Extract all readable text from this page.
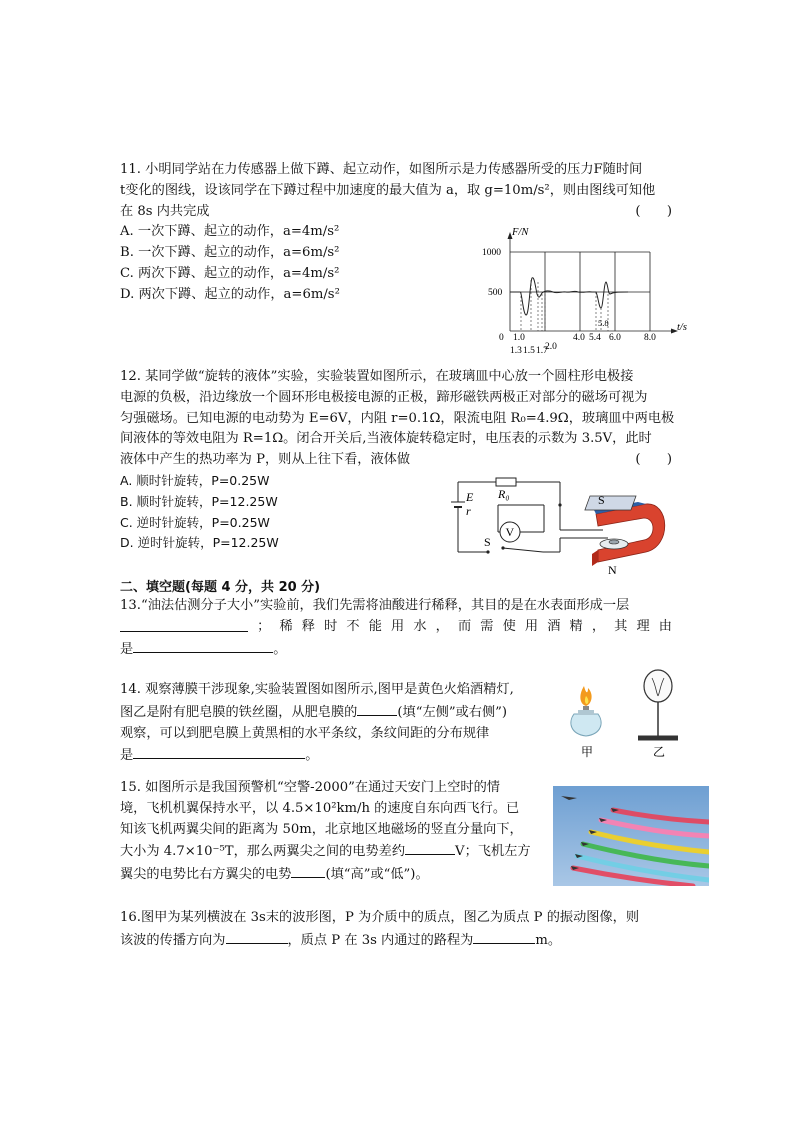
11. 小明同学站在力传感器上做下蹲、起立动作，如图所示是力传感器所受的压力F随时间
t变化的图线，设该同学在下蹲过程中加速度的最大值为 a，取 g=10m/s²，则由图线可知他
在 8s 内共完成	(　　)
A. 一次下蹲、起立的动作，a=4m/s²
B. 一次下蹲、起立的动作，a=6m/s²
C. 两次下蹲、起立的动作，a=4m/s²
D. 两次下蹲、起立的动作，a=6m/s²
F/N
t/s
1000
500
0 1.0	4.0 5.4 6.0 8.0
1.3 1.5 1.7
2.0
5.8
12. 某同学做“旋转的液体”实验，实验装置如图所示，在玻璃皿中心放一个圆柱形电极接
电源的负极，沿边缘放一个圆环形电极接电源的正极，蹄形磁铁两极正对部分的磁场可视为
匀强磁场。已知电源的电动势为 E=6V，内阻 r=0.1Ω，限流电阻 R₀=4.9Ω，玻璃皿中两电极
间液体的等效电阻为 R=1Ω。闭合开关后,当液体旋转稳定时，电压表的示数为 3.5V，此时
液体中产生的热功率为 P，则从上往下看，液体做	(　　)
A. 顺时针旋转，P=0.25W
B. 顺时针旋转，P=12.25W
C. 逆时针旋转，P=0.25W
D. 逆时针旋转，P=12.25W
V
E
r
R₀
S
S
N
二、填空题(每题 4 分，共 20 分)
13.“油法估测分子大小”实验前，我们先需将油酸进行稀释，其目的是在水表面形成一层
； 稀 释 时 不 能 用 水 ， 而 需 使 用 酒 精 ， 其 理 由
是	。
14. 观察薄膜干涉现象,实验装置图如图所示,图甲是黄色火焰酒精灯,
图乙是附有肥皂膜的铁丝圈，从肥皂膜的	(填“左侧”或右侧”)
观察，可以到肥皂膜上黄黑相的水平条纹，条纹间距的分布规律
是	。	甲	乙
15. 如图所示是我国预警机“空警-2000”在通过天安门上空时的情
境，飞机机翼保持水平，以 4.5×10²km/h 的速度自东向西飞行。已
知该飞机两翼尖间的距离为 50m，北京地区地磁场的竖直分量向下，
大小为 4.7×10⁻⁵T，那么两翼尖之间的电势差约	V；飞机左方
翼尖的电势比右方翼尖的电势	(填“高”或“低”)。
16.图甲为某列横波在 3s末的波形图，P 为介质中的质点，图乙为质点 P 的振动图像，则
该波的传播方向为	，质点 P 在 3s 内通过的路程为	m。
